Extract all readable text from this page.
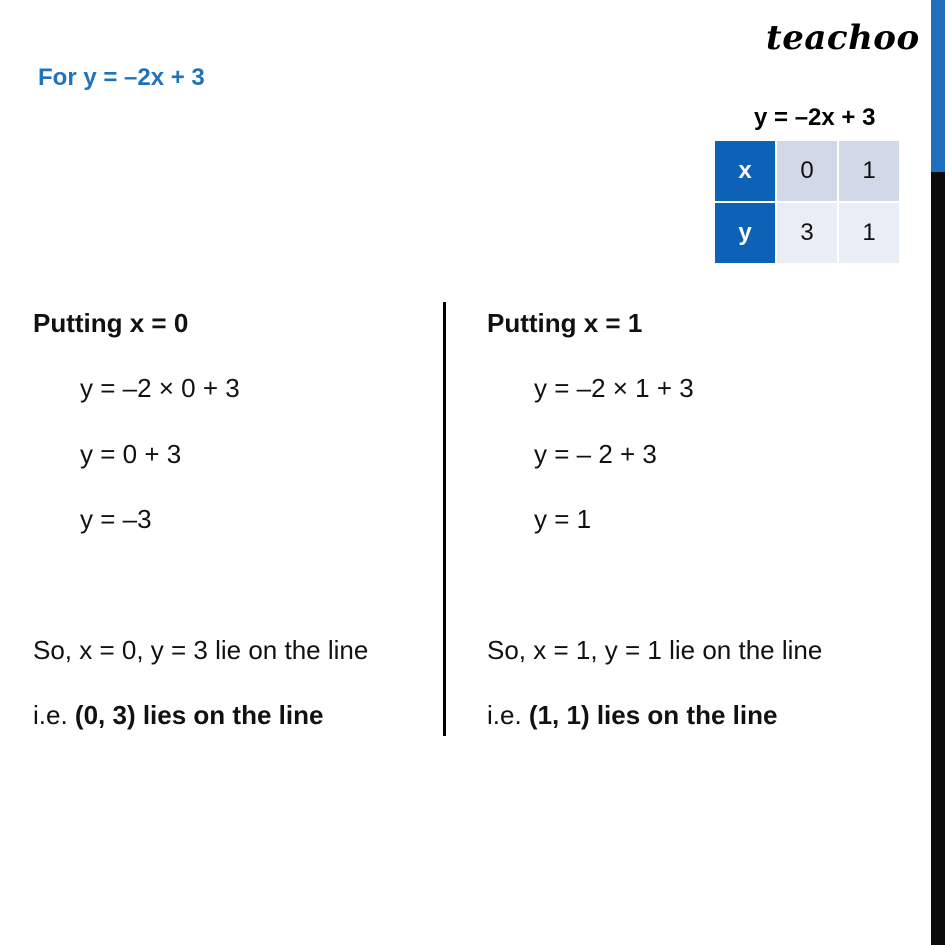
teachoo
For y = –2x + 3
y = –2x + 3
x	0	1
y	3	1
Putting x = 0
y = –2 × 0 + 3
y = 0 + 3
y = –3
So, x = 0, y = 3 lie on the line
i.e. (0, 3) lies on the line
Putting x = 1
y = –2 × 1 + 3
y = – 2 + 3
y = 1
So, x = 1, y = 1 lie on the line
i.e. (1, 1) lies on the line
